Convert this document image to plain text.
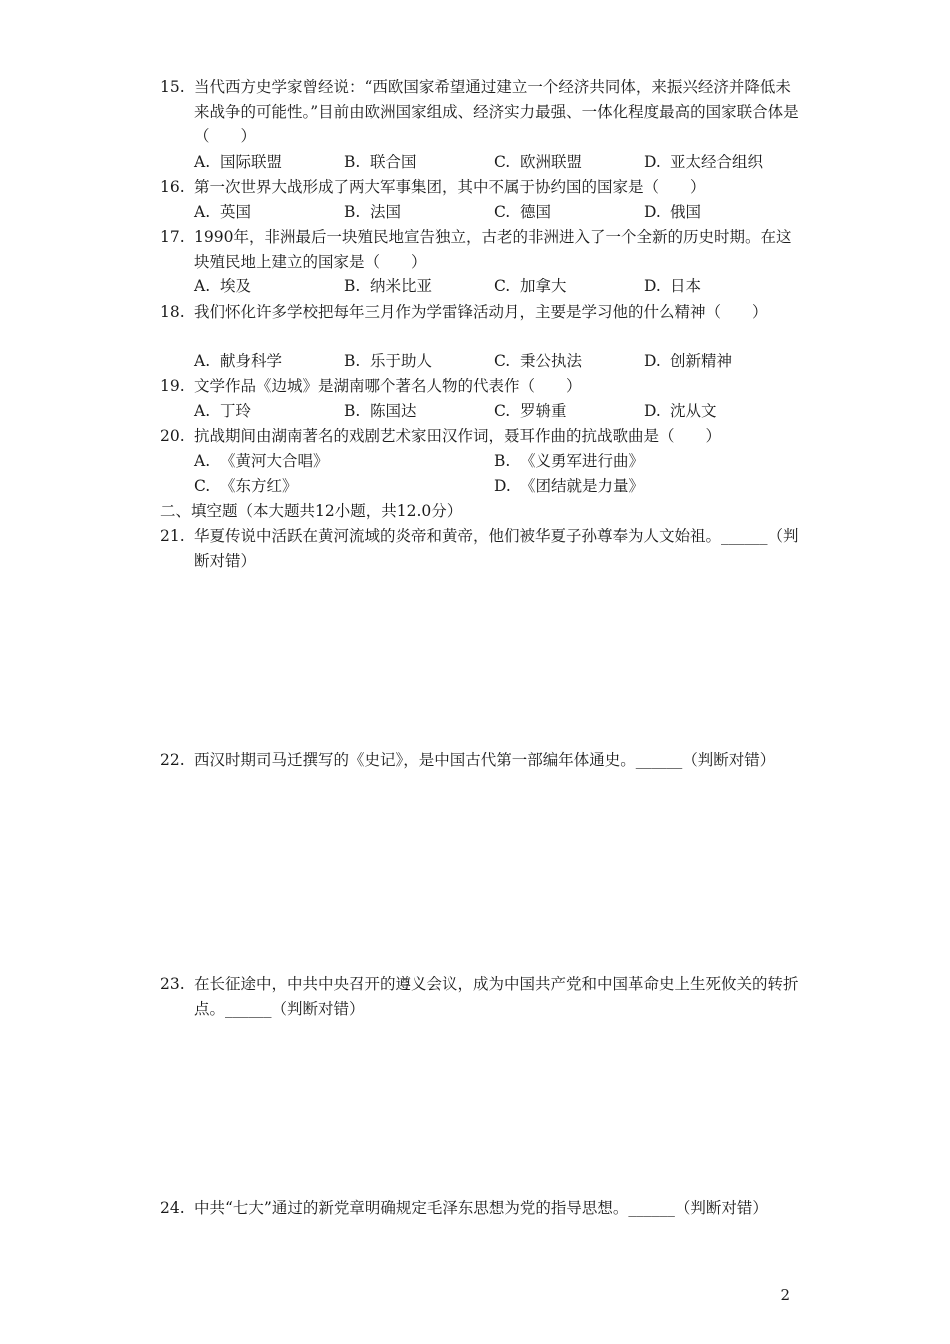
15. 当代西方史学家曾经说：“西欧国家希望通过建立一个经济共同体，来振兴经济并降低未来战争的可能性。”目前由欧洲国家组成、经济实力最强、一体化程度最高的国家联合体是（　　）
A. 国际联盟	B. 联合国	C. 欧洲联盟	D. 亚太经合组织
16. 第一次世界大战形成了两大军事集团，其中不属于协约国的国家是（　　）
A. 英国	B. 法国	C. 德国	D. 俄国
17. 1990年，非洲最后一块殖民地宣告独立，古老的非洲进入了一个全新的历史时期。在这块殖民地上建立的国家是（　　）
A. 埃及	B. 纳米比亚	C. 加拿大	D. 日本
18. 我们怀化许多学校把每年三月作为学雷锋活动月，主要是学习他的什么精神（　　）
A. 献身科学	B. 乐于助人	C. 秉公执法	D. 创新精神
19. 文学作品《边城》是湖南哪个著名人物的代表作（　　）
A. 丁玲	B. 陈国达	C. 罗辀重	D. 沈从文
20. 抗战期间由湖南著名的戏剧艺术家田汉作词，聂耳作曲的抗战歌曲是（　　）
A. 《黄河大合唱》	B. 《义勇军进行曲》
C. 《东方红》	D. 《团结就是力量》
二、填空题（本大题共12小题，共12.0分）
21. 华夏传说中活跃在黄河流域的炎帝和黄帝，他们被华夏子孙尊奉为人文始祖。______（判断对错）
22. 西汉时期司马迁撰写的《史记》，是中国古代第一部编年体通史。______（判断对错）
23. 在长征途中，中共中央召开的遵义会议，成为中国共产党和中国革命史上生死攸关的转折点。______（判断对错）
24. 中共“七大”通过的新党章明确规定毛泽东思想为党的指导思想。______（判断对错）
2
